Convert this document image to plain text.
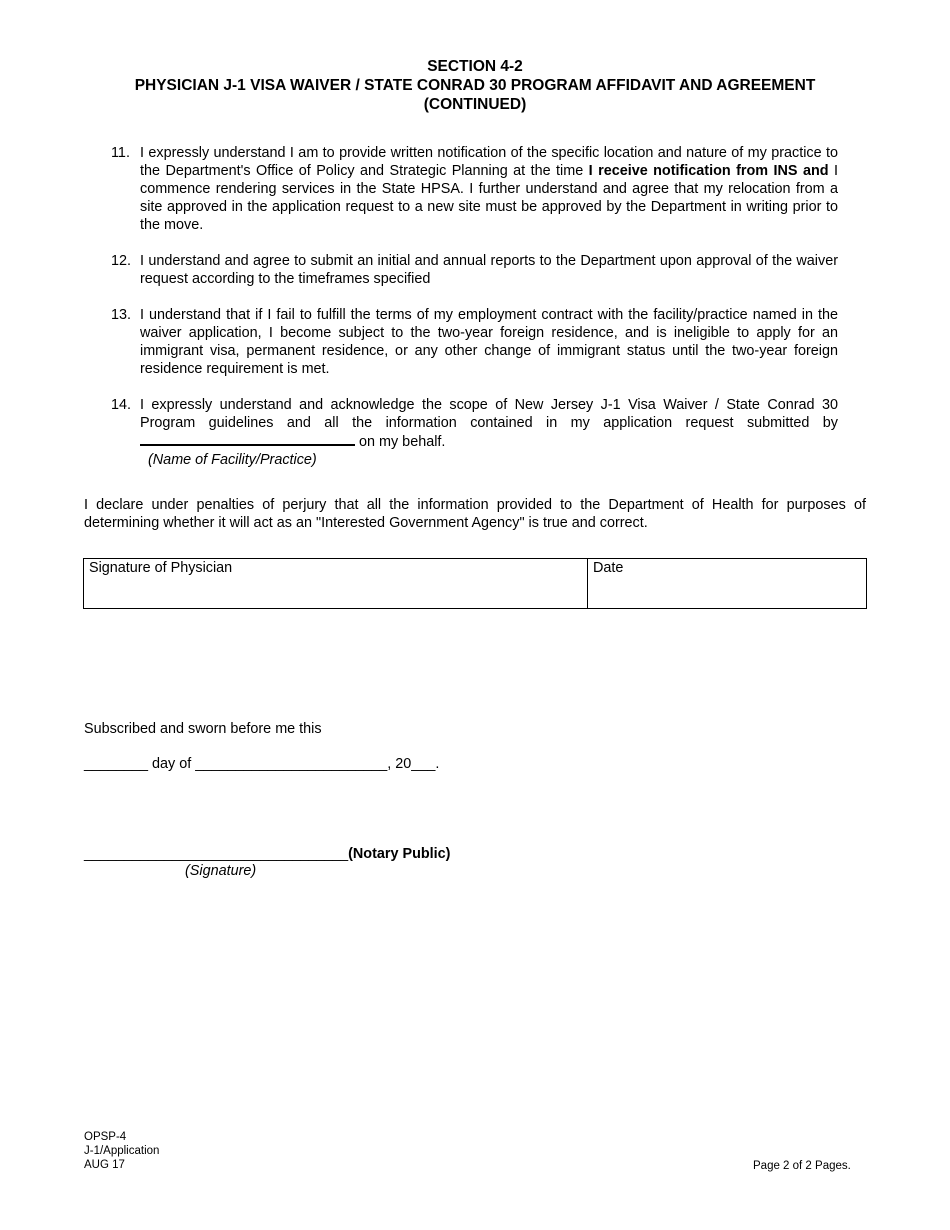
SECTION 4-2
PHYSICIAN J-1 VISA WAIVER / STATE CONRAD 30 PROGRAM AFFIDAVIT AND AGREEMENT
(CONTINUED)
11. I expressly understand I am to provide written notification of the specific location and nature of my practice to the Department's Office of Policy and Strategic Planning at the time I receive notification from INS and I commence rendering services in the State HPSA. I further understand and agree that my relocation from a site approved in the application request to a new site must be approved by the Department in writing prior to the move.
12. I understand and agree to submit an initial and annual reports to the Department upon approval of the waiver request according to the timeframes specified
13. I understand that if I fail to fulfill the terms of my employment contract with the facility/practice named in the waiver application, I become subject to the two-year foreign residence, and is ineligible to apply for an immigrant visa, permanent residence, or any other change of immigrant status until the two-year foreign residence requirement is met.
14. I expressly understand and acknowledge the scope of New Jersey J-1 Visa Waiver / State Conrad 30 Program guidelines and all the information contained in my application request submitted by  on my behalf.
(Name of Facility/Practice)
I declare under penalties of perjury that all the information provided to the Department of Health for purposes of determining whether it will act as an "Interested Government Agency" is true and correct.
Signature of Physician	Date
Subscribed and sworn before me this
________ day of ________________________, 20___.
_________________________________(Notary Public)
(Signature)
OPSP-4
J-1/Application
AUG 17	Page 2 of 2 Pages.
